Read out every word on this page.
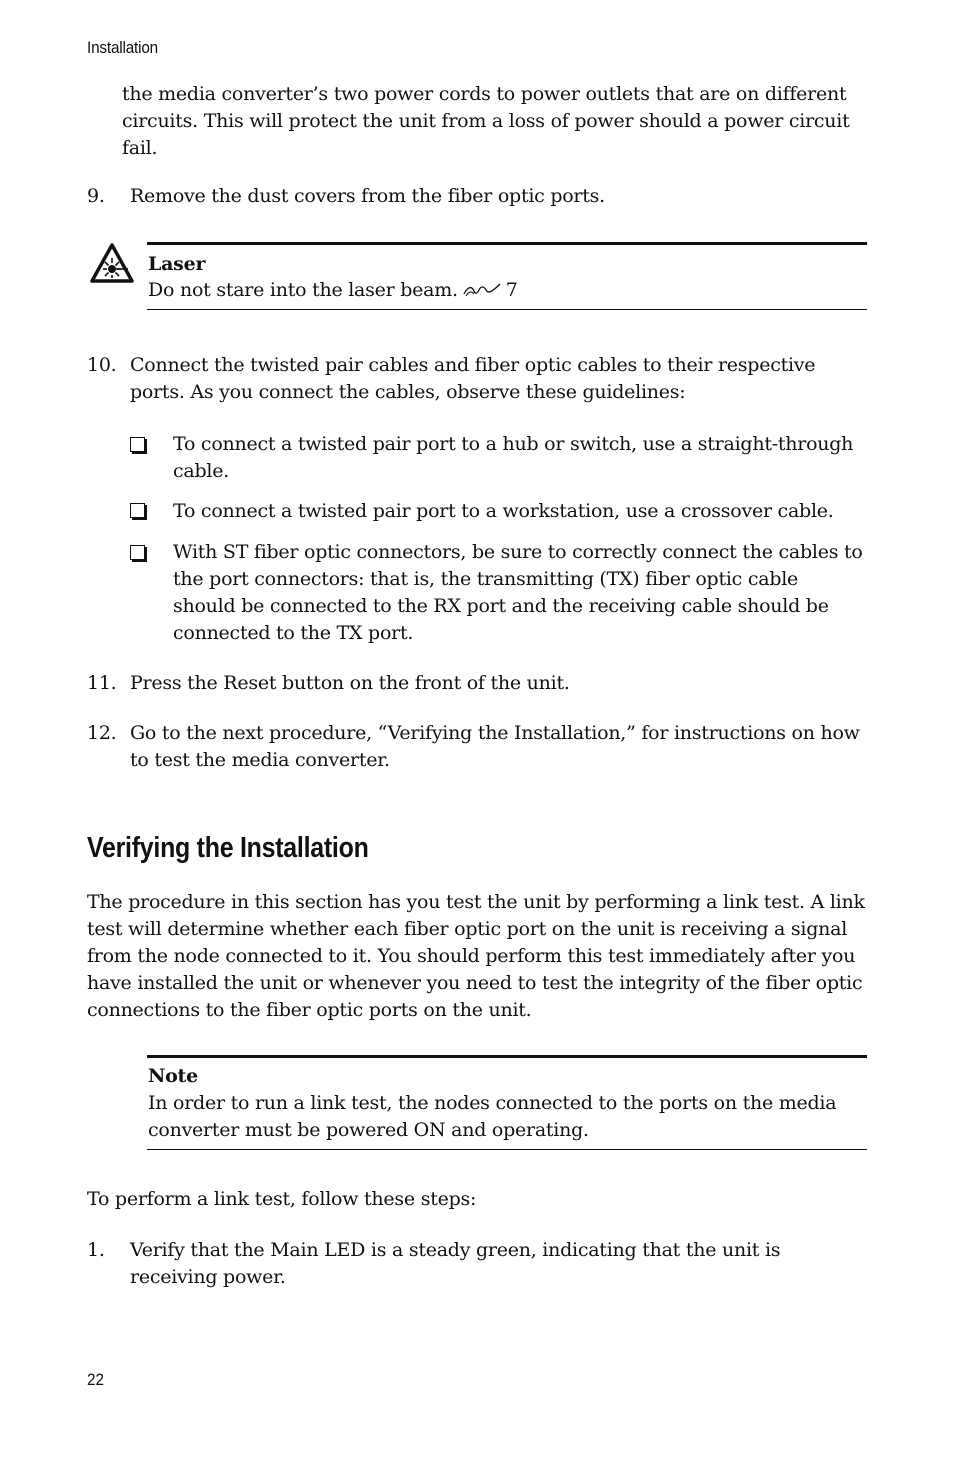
Installation
the media converter’s two power cords to power outlets that are on different circuits. This will protect the unit from a loss of power should a power circuit fail.
9. Remove the dust covers from the fiber optic ports.
Laser
Do not stare into the laser beam.	7
10. Connect the twisted pair cables and fiber optic cables to their respective ports. As you connect the cables, observe these guidelines:
To connect a twisted pair port to a hub or switch, use a straight-through cable.
To connect a twisted pair port to a workstation, use a crossover cable.
With ST fiber optic connectors, be sure to correctly connect the cables to the port connectors: that is, the transmitting (TX) fiber optic cable should be connected to the RX port and the receiving cable should be connected to the TX port.
11. Press the Reset button on the front of the unit.
12. Go to the next procedure, “Verifying the Installation,” for instructions on how to test the media converter.
Verifying the Installation
The procedure in this section has you test the unit by performing a link test. A link test will determine whether each fiber optic port on the unit is receiving a signal from the node connected to it. You should perform this test immediately after you have installed the unit or whenever you need to test the integrity of the fiber optic connections to the fiber optic ports on the unit.
Note
In order to run a link test, the nodes connected to the ports on the media converter must be powered ON and operating.
To perform a link test, follow these steps:
1. Verify that the Main LED is a steady green, indicating that the unit is receiving power.
22
